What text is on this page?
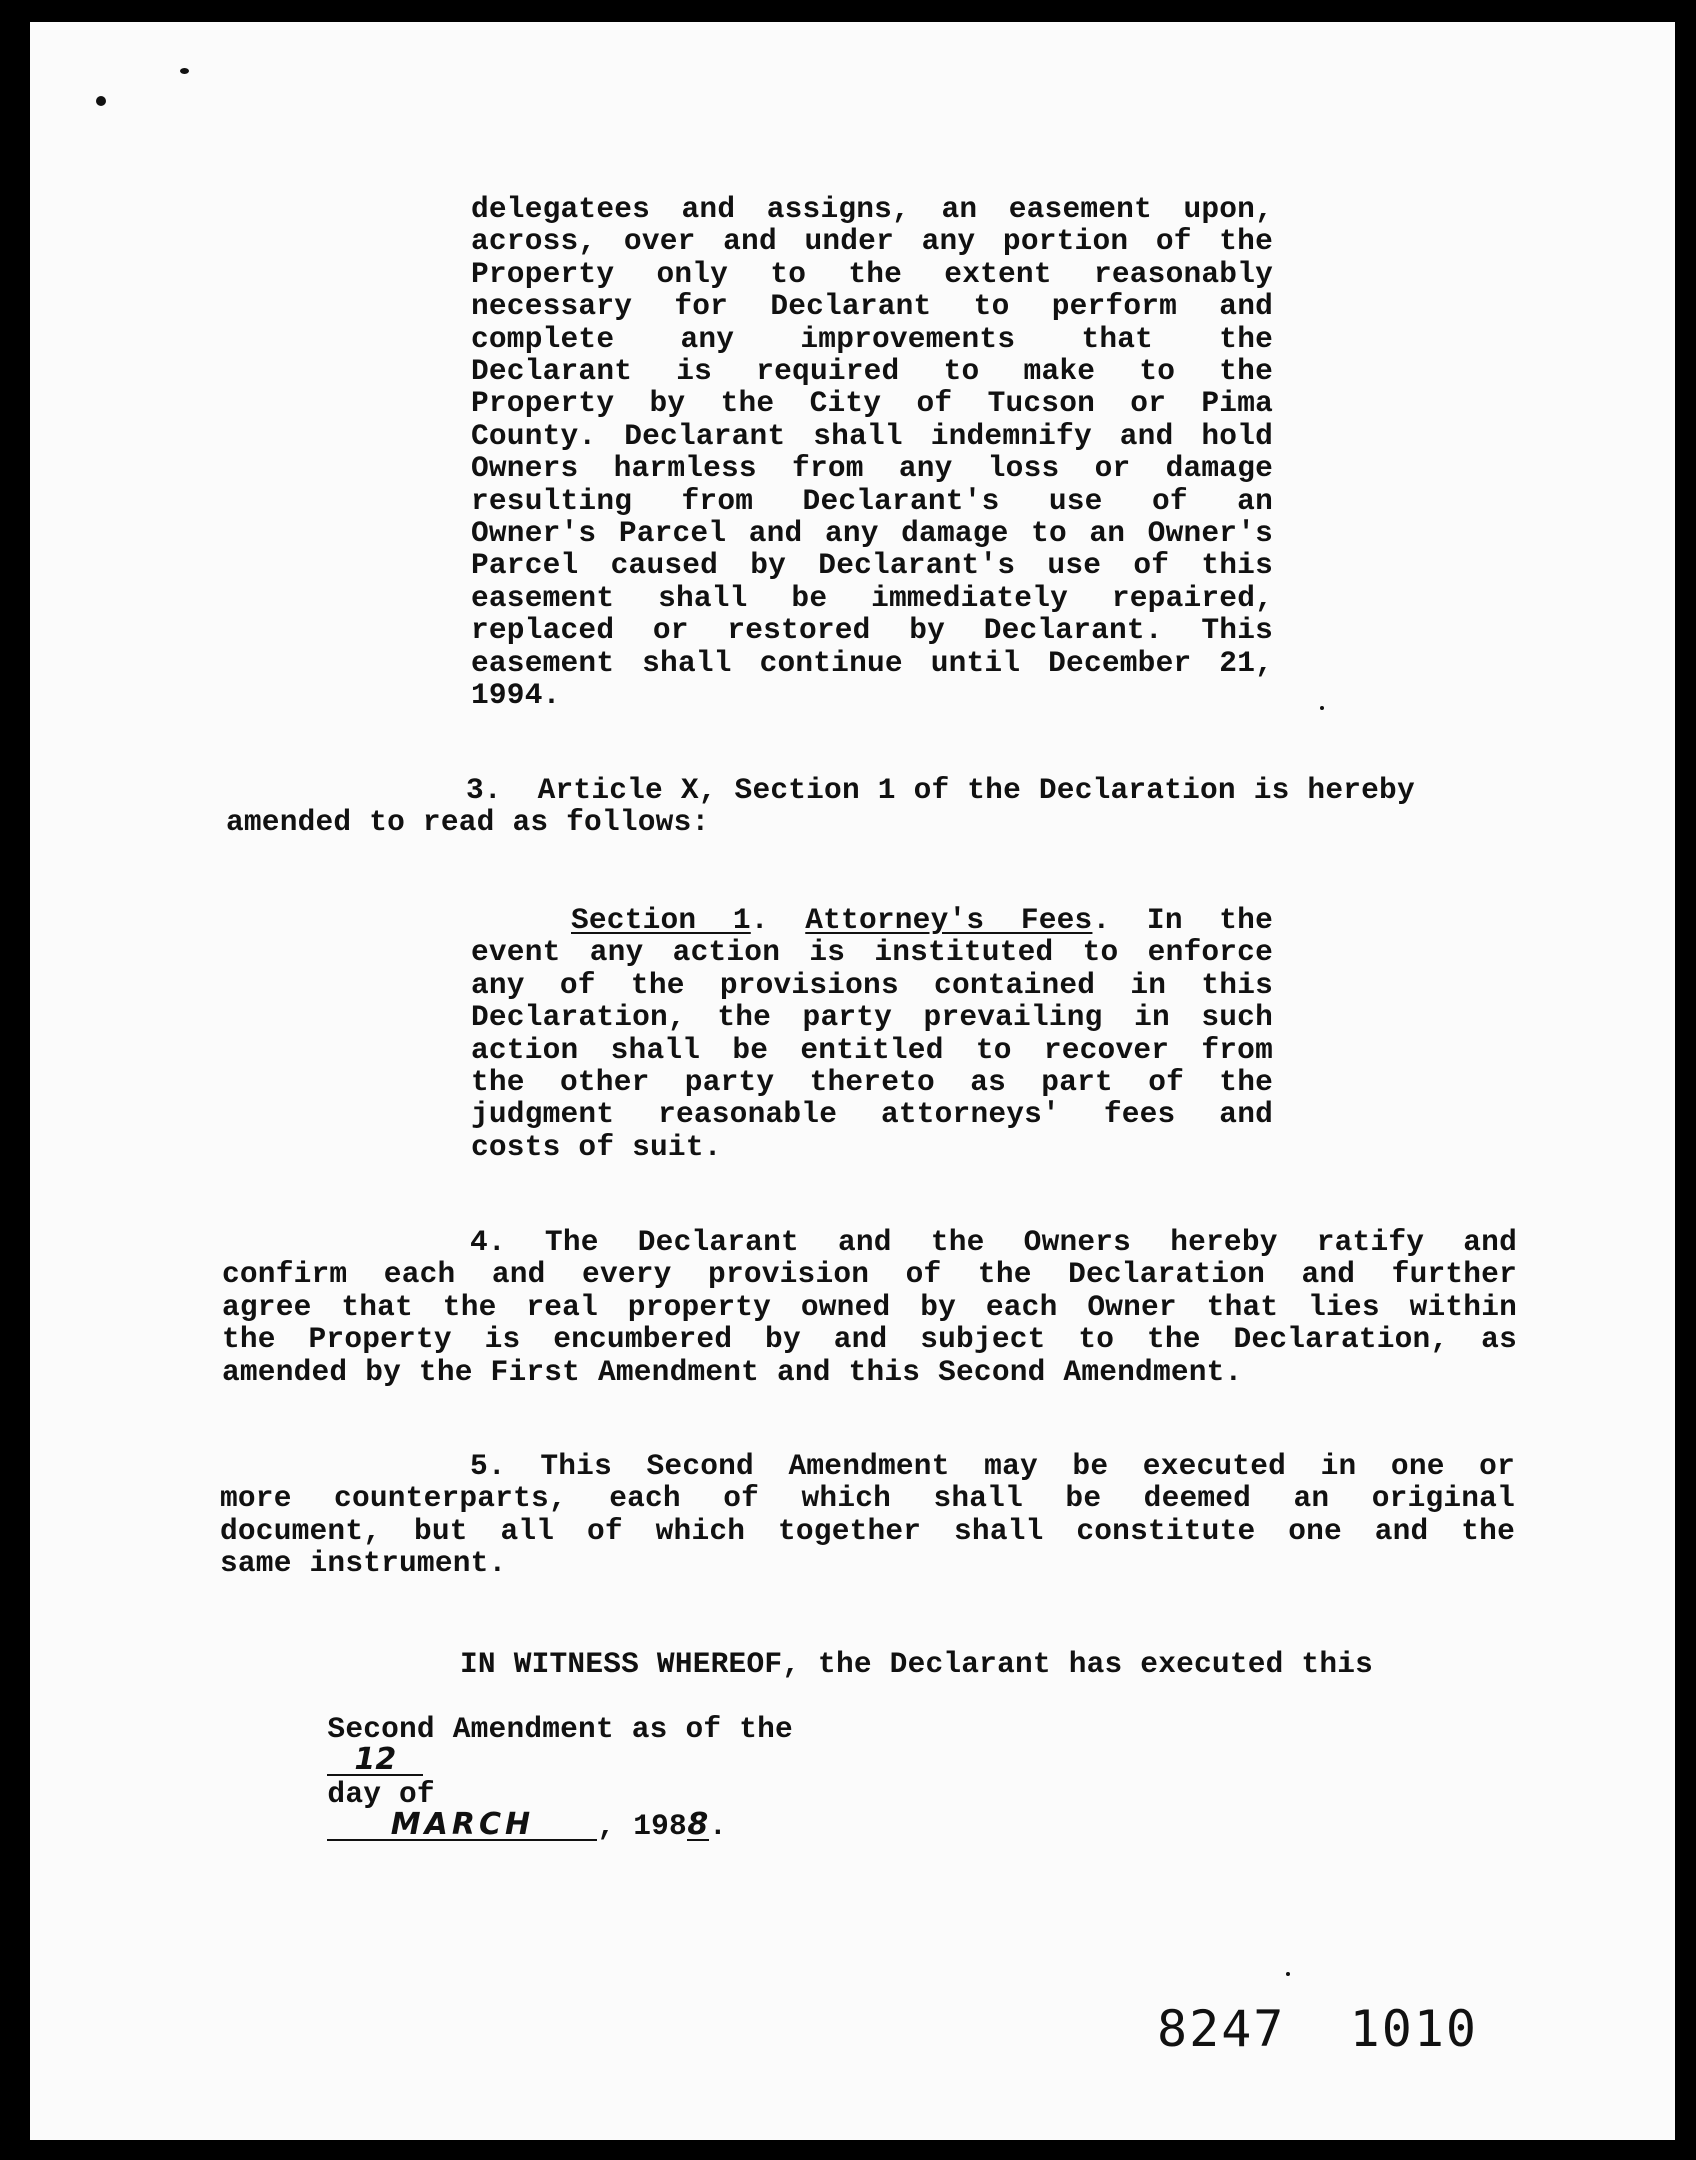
delegatees and assigns, an easement upon,

across, over and under any portion of the

Property only to the extent reasonably

necessary for Declarant to perform and

complete any improvements that the

Declarant is required to make to the

Property by the City of Tucson or Pima

County. Declarant shall indemnify and hold

Owners harmless from any loss or damage

resulting from Declarant's use of an

Owner's Parcel and any damage to an Owner's

Parcel caused by Declarant's use of this

easement shall be immediately repaired,

replaced or restored by Declarant. This

easement shall continue until December 21,

1994.

3.  Article X, Section 1 of the Declaration is hereby

amended to read as follows:

Section 1. Attorney's Fees. In the

event any action is instituted to enforce

any of the provisions contained in this

Declaration, the party prevailing in such

action shall be entitled to recover from

the other party thereto as part of the

judgment reasonable attorneys' fees and

costs of suit.

4. The Declarant and the Owners hereby ratify and

confirm each and every provision of the Declaration and further

agree that the real property owned by each Owner that lies within

the Property is encumbered by and subject to the Declaration, as

amended by the First Amendment and this Second Amendment.

5. This Second Amendment may be executed in one or

more counterparts, each of which shall be deemed an original

document, but all of which together shall constitute one and the

same instrument.

IN WITNESS WHEREOF, the Declarant has executed this

Second Amendment as of the
12
day of
MARCH , 1988.

8247  1010
